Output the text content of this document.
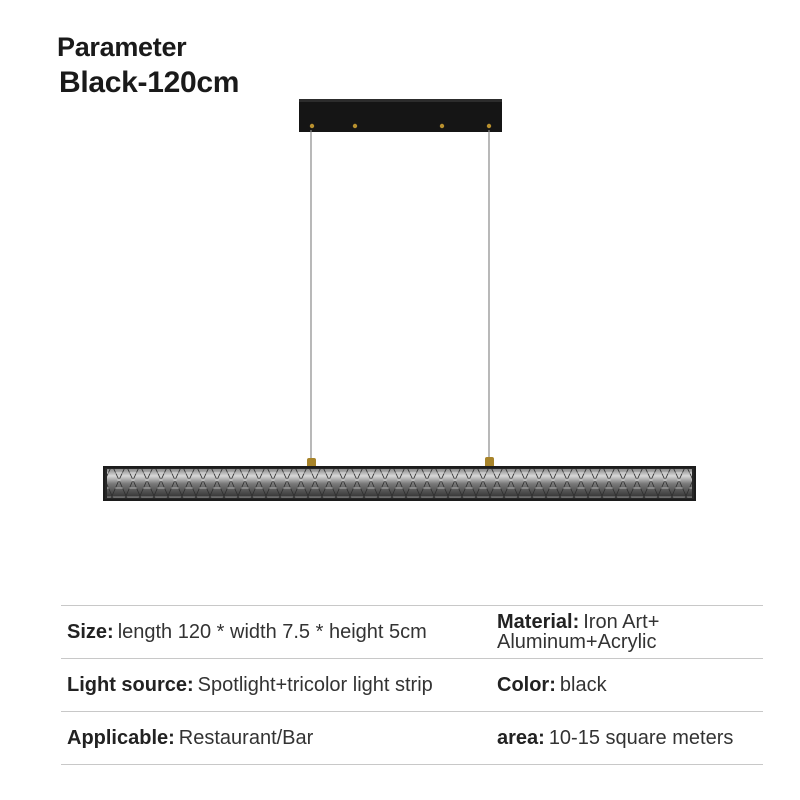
Parameter
Black-120cm
Size: length 120 * width 7.5 * height 5cm	Material: Iron Art+ Aluminum+Acrylic
Light source: Spotlight+tricolor light strip	Color: black
Applicable: Restaurant/Bar	area: 10-15 square meters
